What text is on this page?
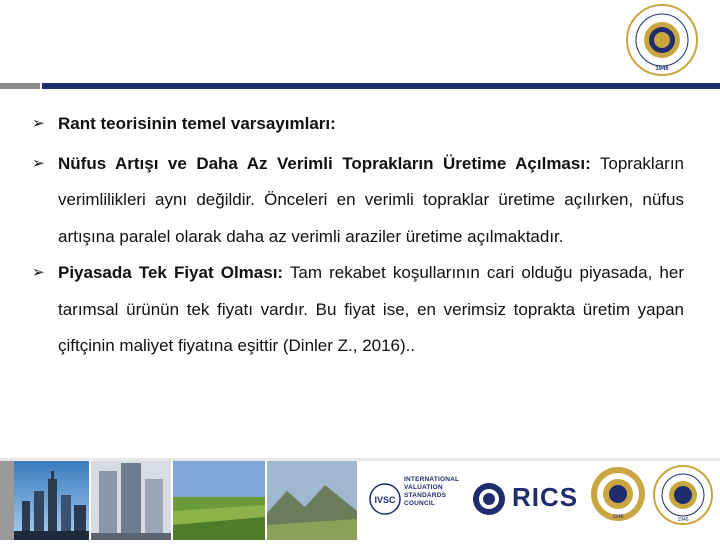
1946
➢ Rant teorisinin temel varsayımları:
➢ Nüfus Artışı ve Daha Az Verimli Toprakların Üretime Açılması: Toprakların verimlilikleri aynı değildir. Önceleri en verimli topraklar üretime açılırken, nüfus artışına paralel olarak daha az verimli araziler üretime açılmaktadır.
➢ Piyasada Tek Fiyat Olması: Tam rekabet koşullarının cari olduğu piyasada, her tarımsal ürünün tek fiyatı vardır. Bu fiyat ise, en verimsiz toprakta üretim yapan çiftçinin maliyet fiyatına eşittir (Dinler Z., 2016)..
IVSC
INTERNATIONAL
VALUATION
STANDARDS
COUNCIL	RICS
1946	1946
